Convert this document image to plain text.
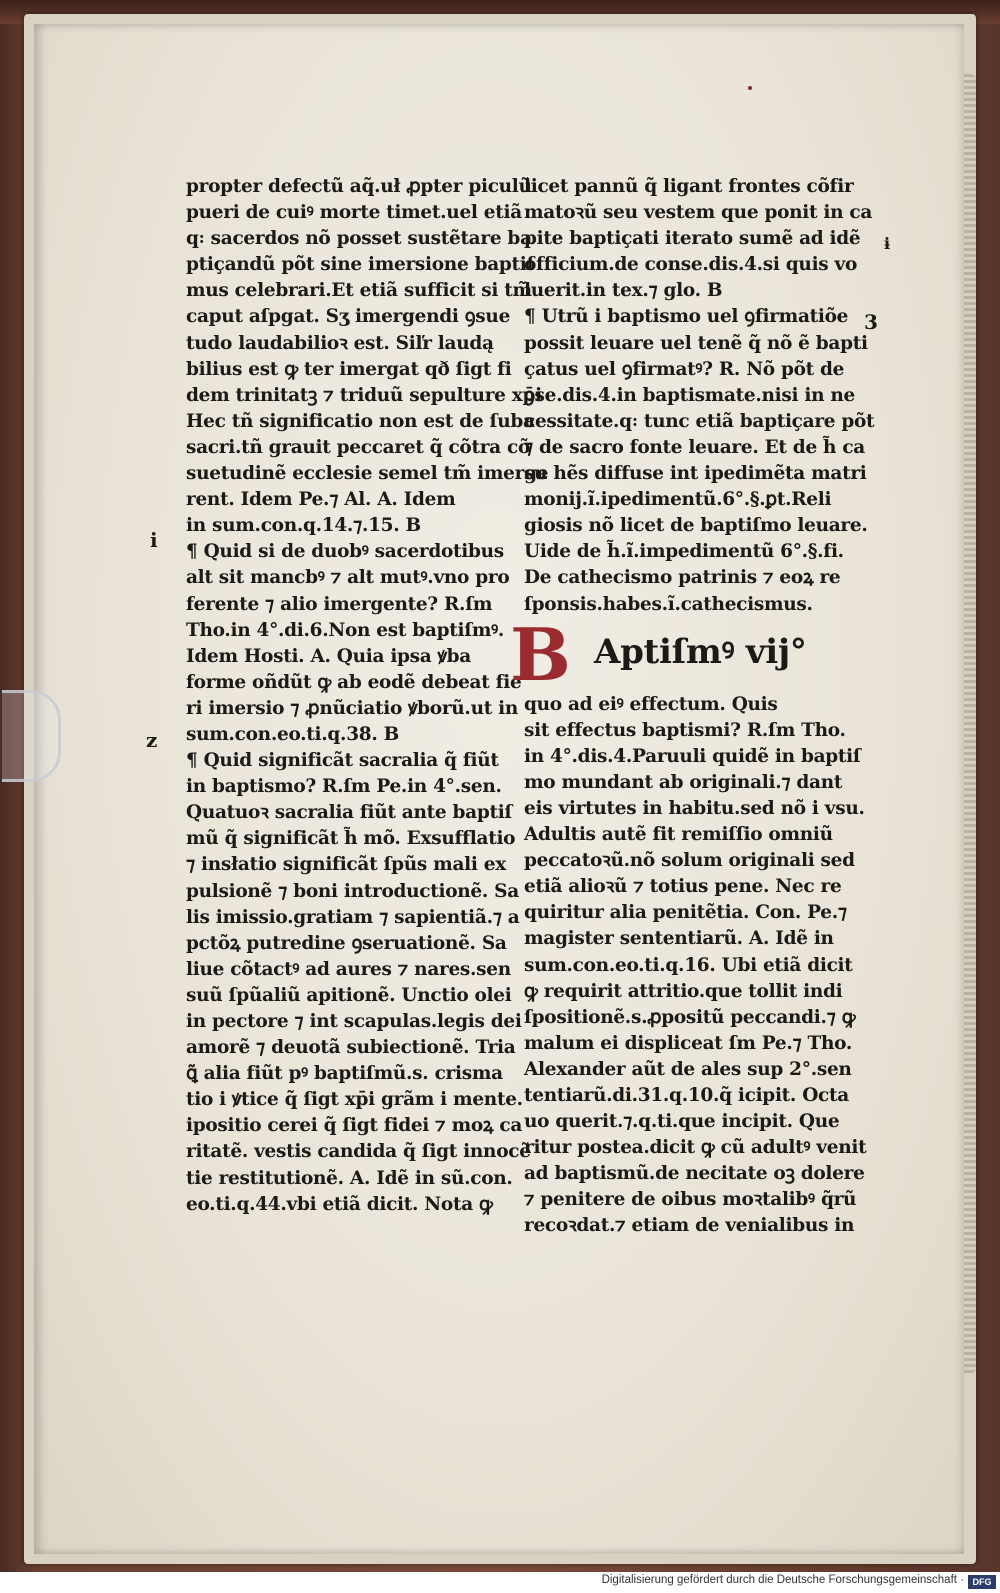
i
z
3
ɨ
propter defectũ aq̃.uł ꝓpter piculũ
pueri de cuiꝰ morte timet.uel etiã
q꞉ sacerdos nõ posset sustẽtare ba
ptiçandũ põt sine imersione baptiſ
mus celebrari.Et etiã sufficit si tm̃
caput aſpgat. Sʒ imergendi ꝯsue
tudo laudabilioꝛ est. Siľr laudą
bilius est ꝙ ter imergat qð ſigt fi
dem trinitatꝫ ⁊ triduũ sepulture xp̄i
Hec tñ significatio non est de ſuba
sacri.tñ grauit peccaret q̃ cõtra cõ
suetudinẽ ecclesie semel tm̃ imerge
rent. Idem Pe.⁊ Al. A. Idem
in sum.con.q.14.⁊.15. B
¶ Quid si de duobꝰ sacerdotibus
alt sit mancbꝰ ⁊ alt mutꝰ.vno pro
ferente ⁊ alio imergente? R.ſm
Tho.in 4°.di.6.Non est baptiſmꝰ.
Idem Hosti. A. Quia ipsa ꝟba
forme oñdũt ꝙ ab eodẽ debeat fie
ri imersio ⁊ ꝓnũciatio ꝟborũ.ut in
sum.con.eo.ti.q.38. B
¶ Quid significãt sacralia q̃ fiũt
in baptismo? R.ſm Pe.in 4°.sen.
Quatuoꝛ sacralia fiũt ante baptiſ
mũ q̃ significãt h̃ mõ. Exsufflatio
⁊ insłatio significãt ſpũs mali ex
pulsionẽ ⁊ boni introductionẽ. Sa
lis imissio.gratiam ⁊ sapientiã.⁊ a
pctõꝝ putredine ꝯseruationẽ. Sa
liue cõtactꝰ ad aures ⁊ nares.sen
suũ ſpũaliũ apitionẽ. Unctio olei
in pectore ⁊ int scapulas.legis dei
amorẽ ⁊ deuotã subiectionẽ. Tria
ꝗ̃ alia fiũt pꝰ baptiſmũ.s. crisma
tio i ꝟtice q̃ ſigt xp̄i grãm i mente.
ipositio cerei q̃ ſigt fidei ⁊ moꝝ ca
ritatẽ. vestis candida q̃ ſigt innocẽ
tie restitutionẽ. A. Idẽ in sũ.con.
eo.ti.q.44.vbi etiã dicit. Nota ꝙ
licet pannũ q̃ ligant frontes cõfir
matoꝛũ seu vestem que ponit in ca
pite baptiçati iterato sumẽ ad idẽ
officium.de conse.dis.4.si quis vo
luerit.in tex.⁊ glo. B
¶ Utrũ i baptismo uel ꝯfirmatiõe
possit leuare uel tenẽ q̃ nõ ẽ bapti
çatus uel ꝯfirmatꝰ? R. Nõ põt de
ꝯse.dis.4.in baptismate.nisi in ne
cessitate.q꞉ tunc etiã baptiçare põt
⁊ de sacro fonte leuare. Et de h̃ ca
su hẽs diffuse int ipedimẽta matri
monij.ĩ.ipedimentũ.6°.§.ꝑt.Reli
giosis nõ licet de baptiſmo leuare.
Uide de h̃.ĩ.impedimentũ 6°.§.fi.
De cathecismo patrinis ⁊ eoꝝ re
ſponsis.habes.ĩ.cathecismus.
B Aptiſmꝰ vij°
quo ad eiꝰ effectum. Quis
sit effectus baptismi? R.ſm Tho.
in 4°.dis.4.Paruuli quidẽ in baptiſ
mo mundant ab originali.⁊ dant
eis virtutes in habitu.sed nõ i vsu.
Adultis autẽ fit remiſſio omniũ
peccatoꝛũ.nõ solum originali sed
etiã alioꝛũ ⁊ totius pene. Nec re
quiritur alia penitẽtia. Con. Pe.⁊
magister sententiarũ. A. Idẽ in
sum.con.eo.ti.q.16. Ubi etiã dicit
ꝙ requirit attritio.que tollit indi
ſpositionẽ.s.ꝓpositũ peccandi.⁊ ꝙ
malum ei displiceat ſm Pe.⁊ Tho.
Alexander aũt de ales sup 2°.sen
tentiarũ.di.31.q.10.q̃ icipit. Octa
uo querit.⁊.q.ti.que incipit. Que
ritur postea.dicit ꝙ cũ adultꝰ venit
ad baptismũ.de necitate oꝫ dolere
⁊ penitere de oibus moꝛtalibꝰ q̃rũ
recoꝛdat.⁊ etiam de venialibus in
Digitalisierung gefördert durch die Deutsche Forschungsgemeinschaft · DFG
